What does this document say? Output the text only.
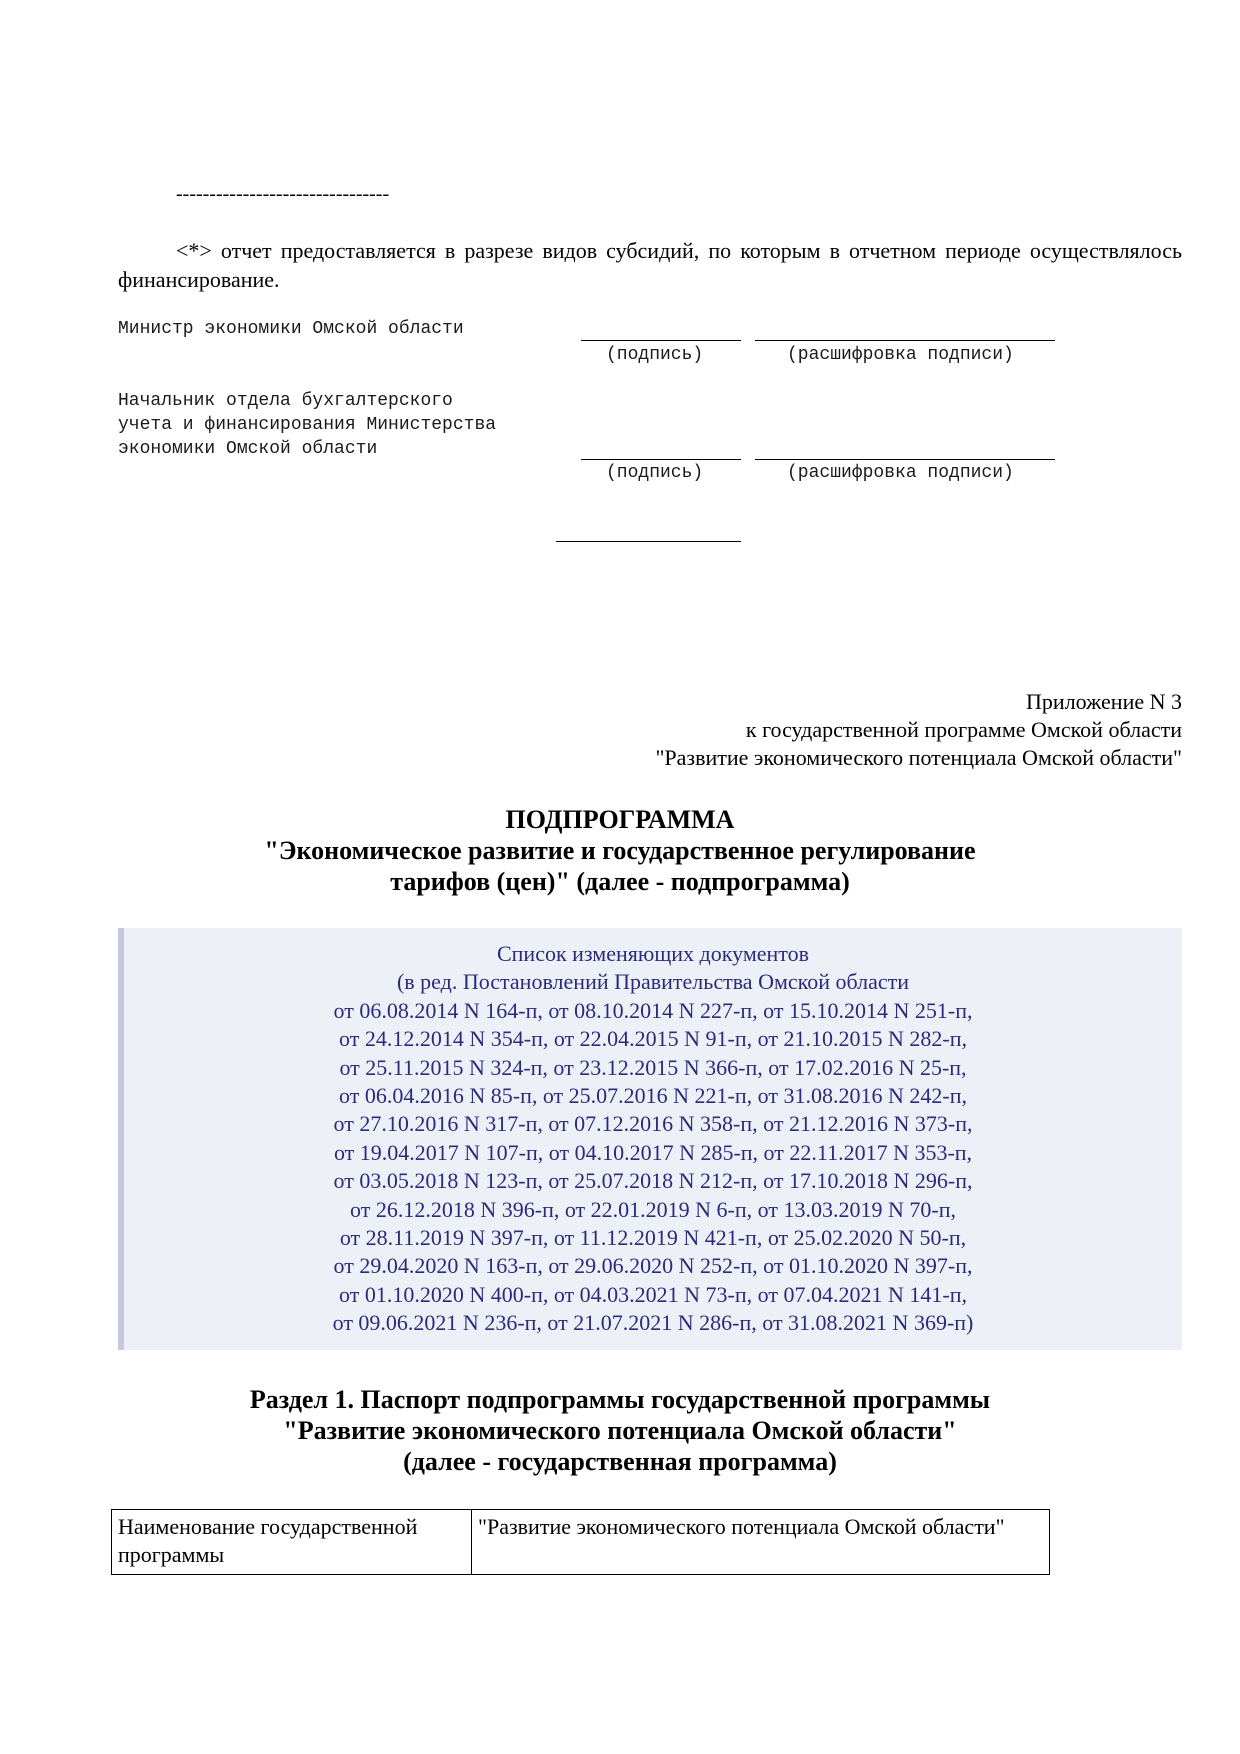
--------------------------------
<*> отчет предоставляется в разрезе видов субсидий, по которым в отчетном периоде осуществлялось финансирование.
Министр экономики Омской области
(подпись)	(расшифровка подписи)
Начальник отдела бухгалтерского
учета и финансирования Министерства
экономики Омской области
(подпись)	(расшифровка подписи)
Приложение N 3
к государственной программе Омской области
"Развитие экономического потенциала Омской области"
ПОДПРОГРАММА
"Экономическое развитие и государственное регулирование
тарифов (цен)" (далее - подпрограмма)
Список изменяющих документов
(в ред. Постановлений Правительства Омской области
от 06.08.2014 N 164-п, от 08.10.2014 N 227-п, от 15.10.2014 N 251-п,
от 24.12.2014 N 354-п, от 22.04.2015 N 91-п, от 21.10.2015 N 282-п,
от 25.11.2015 N 324-п, от 23.12.2015 N 366-п, от 17.02.2016 N 25-п,
от 06.04.2016 N 85-п, от 25.07.2016 N 221-п, от 31.08.2016 N 242-п,
от 27.10.2016 N 317-п, от 07.12.2016 N 358-п, от 21.12.2016 N 373-п,
от 19.04.2017 N 107-п, от 04.10.2017 N 285-п, от 22.11.2017 N 353-п,
от 03.05.2018 N 123-п, от 25.07.2018 N 212-п, от 17.10.2018 N 296-п,
от 26.12.2018 N 396-п, от 22.01.2019 N 6-п, от 13.03.2019 N 70-п,
от 28.11.2019 N 397-п, от 11.12.2019 N 421-п, от 25.02.2020 N 50-п,
от 29.04.2020 N 163-п, от 29.06.2020 N 252-п, от 01.10.2020 N 397-п,
от 01.10.2020 N 400-п, от 04.03.2021 N 73-п, от 07.04.2021 N 141-п,
от 09.06.2021 N 236-п, от 21.07.2021 N 286-п, от 31.08.2021 N 369-п)
Раздел 1. Паспорт подпрограммы государственной программы
"Развитие экономического потенциала Омской области"
(далее - государственная программа)
Наименование государственной программы	"Развитие экономического потенциала Омской области"
